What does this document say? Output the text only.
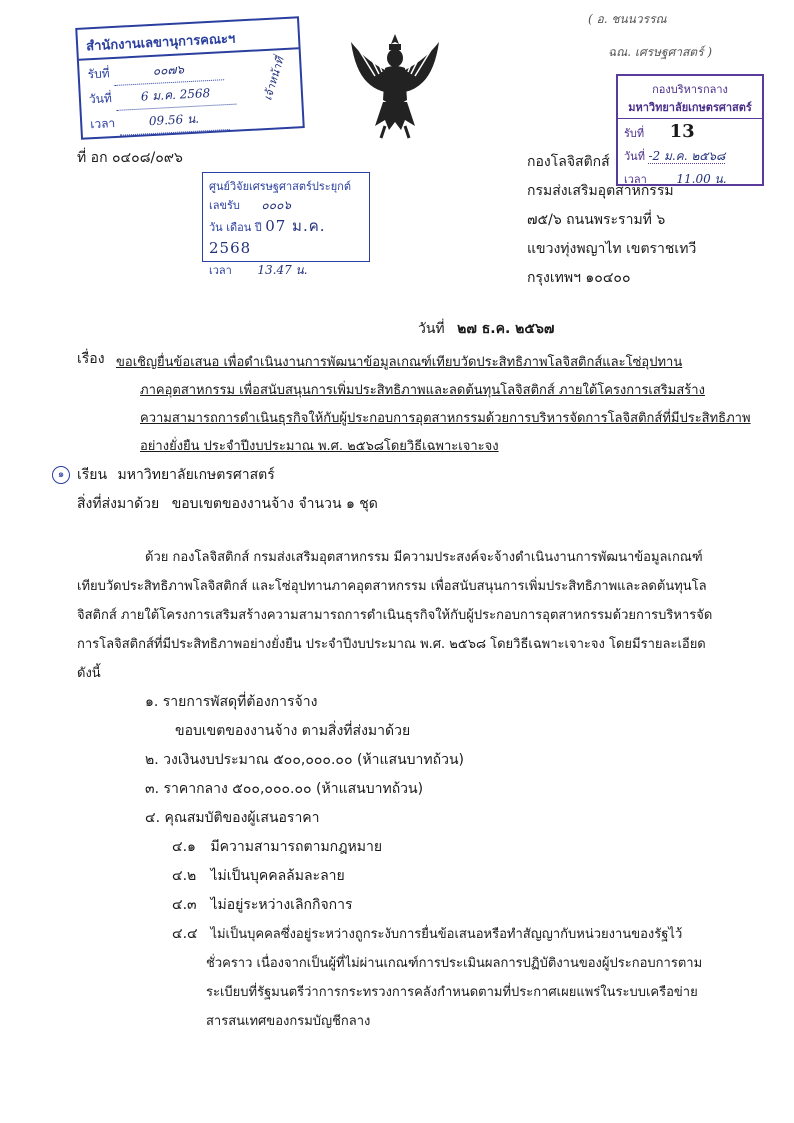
( อ. ชนนวรรณ
ฉณ. เศรษฐศาสตร์ )
สำนักงานเลขานุการคณะฯ
รับที่	๐๐๗๖
วันที่ 6 ม.ค. 2568
เวลา	09.56 น.
เจ้าหน้าที่	กองบริหารกลาง
มหาวิทยาลัยเกษตรศาสตร์
รับที่ 13
วันที่ -2 ม.ค. ๒๕๖๘
เวลา 11.00 น.
ที่ อก ๐๔๐๘/๐๙๖
ศูนย์วิจัยเศรษฐศาสตร์ประยุกต์
เลขรับ ๐๐๐๖
วัน เดือน ปี 07 ม.ค. 2568
เวลา 13.47 น.
กองโลจิสติกส์
กรมส่งเสริมอุตสาหกรรม
๗๕/๖ ถนนพระรามที่ ๖
แขวงทุ่งพญาไท เขตราชเทวี
กรุงเทพฯ ๑๐๔๐๐
วันที่ ๒๗ ธ.ค. ๒๕๖๗
เรื่อง ขอเชิญยื่นข้อเสนอ เพื่อดำเนินงานการพัฒนาข้อมูลเกณฑ์เทียบวัดประสิทธิภาพโลจิสติกส์และโซ่อุปทาน
ภาคอุตสาหกรรม เพื่อสนับสนุนการเพิ่มประสิทธิภาพและลดต้นทุนโลจิสติกส์ ภายใต้โครงการเสริมสร้าง
ความสามารถการดำเนินธุรกิจให้กับผู้ประกอบการอุตสาหกรรมด้วยการบริหารจัดการโลจิสติกส์ที่มีประสิทธิภาพ
อย่างยั่งยืน ประจำปีงบประมาณ พ.ศ. ๒๕๖๘โดยวิธีเฉพาะเจาะจง
๑ เรียน มหาวิทยาลัยเกษตรศาสตร์
สิ่งที่ส่งมาด้วย ขอบเขตของงานจ้าง จำนวน ๑ ชุด
ด้วย กองโลจิสติกส์ กรมส่งเสริมอุตสาหกรรม มีความประสงค์จะจ้างดำเนินงานการพัฒนาข้อมูลเกณฑ์
เทียบวัดประสิทธิภาพโลจิสติกส์ และโซ่อุปทานภาคอุตสาหกรรม เพื่อสนับสนุนการเพิ่มประสิทธิภาพและลดต้นทุนโล
จิสติกส์ ภายใต้โครงการเสริมสร้างความสามารถการดำเนินธุรกิจให้กับผู้ประกอบการอุตสาหกรรมด้วยการบริหารจัด
การโลจิสติกส์ที่มีประสิทธิภาพอย่างยั่งยืน ประจำปีงบประมาณ พ.ศ. ๒๕๖๘ โดยวิธีเฉพาะเจาะจง โดยมีรายละเอียด
ดังนี้
๑. รายการพัสดุที่ต้องการจ้าง
ขอบเขตของงานจ้าง ตามสิ่งที่ส่งมาด้วย
๒. วงเงินงบประมาณ ๕๐๐,๐๐๐.๐๐ (ห้าแสนบาทถ้วน)
๓. ราคากลาง ๕๐๐,๐๐๐.๐๐ (ห้าแสนบาทถ้วน)
๔. คุณสมบัติของผู้เสนอราคา
๔.๑ มีความสามารถตามกฎหมาย
๔.๒ ไม่เป็นบุคคลล้มละลาย
๔.๓ ไม่อยู่ระหว่างเลิกกิจการ
๔.๔ ไม่เป็นบุคคลซึ่งอยู่ระหว่างถูกระงับการยื่นข้อเสนอหรือทำสัญญากับหน่วยงานของรัฐไว้
ชั่วคราว เนื่องจากเป็นผู้ที่ไม่ผ่านเกณฑ์การประเมินผลการปฏิบัติงานของผู้ประกอบการตาม
ระเบียบที่รัฐมนตรีว่าการกระทรวงการคลังกำหนดตามที่ประกาศเผยแพร่ในระบบเครือข่าย
สารสนเทศของกรมบัญชีกลาง
